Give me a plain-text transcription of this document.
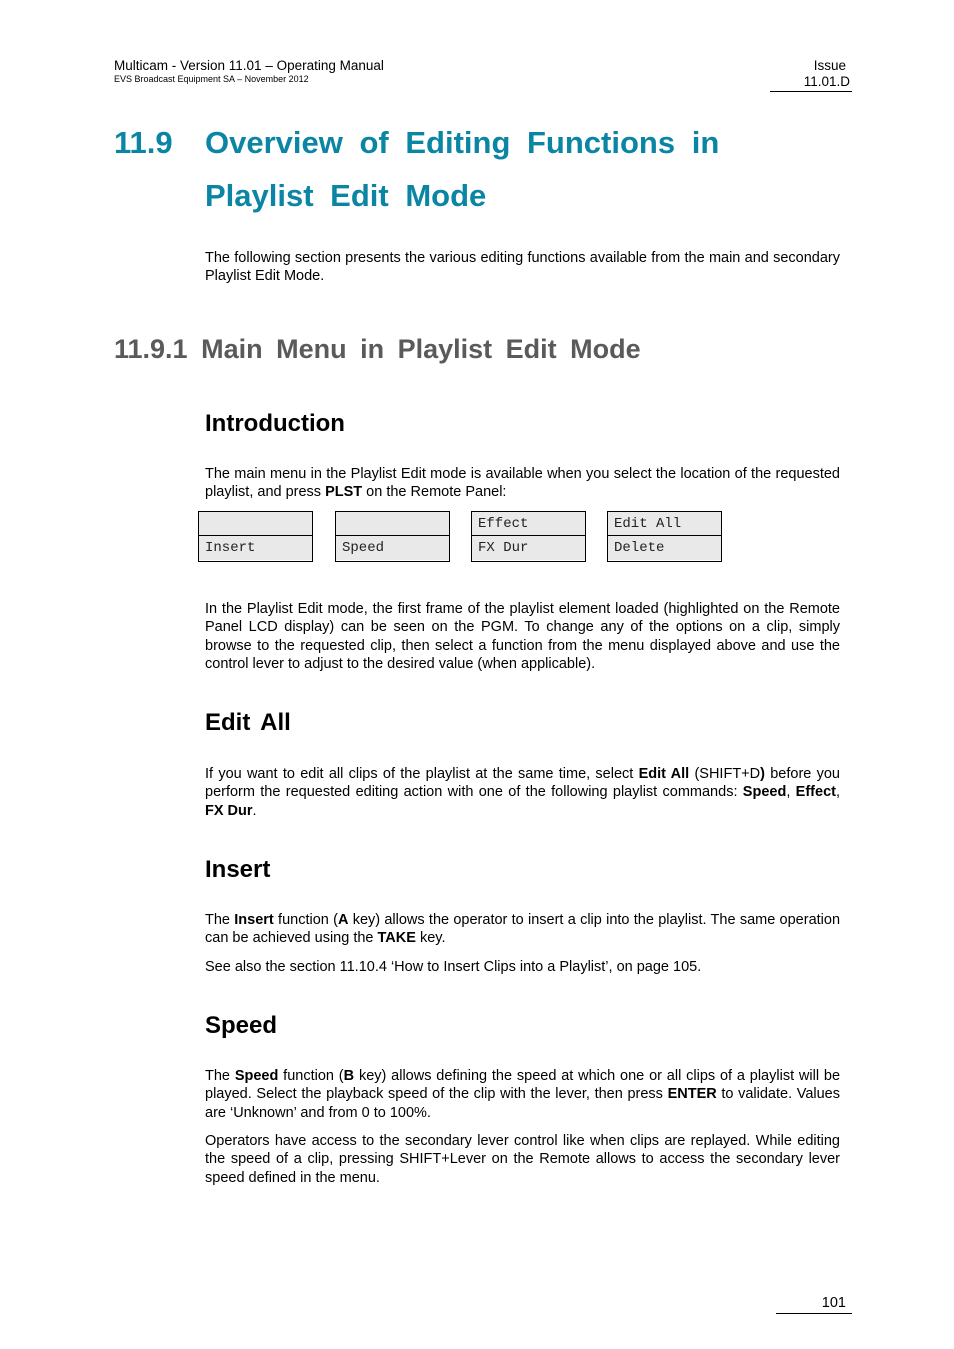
Multicam - Version 11.01 – Operating Manual
EVS Broadcast Equipment SA – November 2012
Issue
11.01.D
11.9 Overview of Editing Functions in
Playlist Edit Mode

The following section presents the various editing functions available from the main and secondary Playlist Edit Mode.

11.9.1 Main Menu in Playlist Edit Mode
Introduction

The main menu in the Playlist Edit mode is available when you select the location of the requested playlist, and press PLST on the Remote Panel:

Insert	Speed
Effect
FX Dur
Edit All
Delete

In the Playlist Edit mode, the first frame of the playlist element loaded (highlighted on the Remote Panel LCD display) can be seen on the PGM. To change any of the options on a clip, simply browse to the requested clip, then select a function from the menu displayed above and use the control lever to adjust to the desired value (when applicable).

Edit All

If you want to edit all clips of the playlist at the same time, select Edit All (SHIFT+D) before you perform the requested editing action with one of the following playlist commands: Speed, Effect, FX Dur.

Insert

The Insert function (A key) allows the operator to insert a clip into the playlist. The same operation can be achieved using the TAKE key.

See also the section 11.10.4 ‘How to Insert Clips into a Playlist’, on page 105.

Speed

The Speed function (B key) allows defining the speed at which one or all clips of a playlist will be played. Select the playback speed of the clip with the lever, then press ENTER to validate. Values are ‘Unknown’ and from 0 to 100%.

Operators have access to the secondary lever control like when clips are replayed. While editing the speed of a clip, pressing SHIFT+Lever on the Remote allows to access the secondary lever speed defined in the menu.

101
